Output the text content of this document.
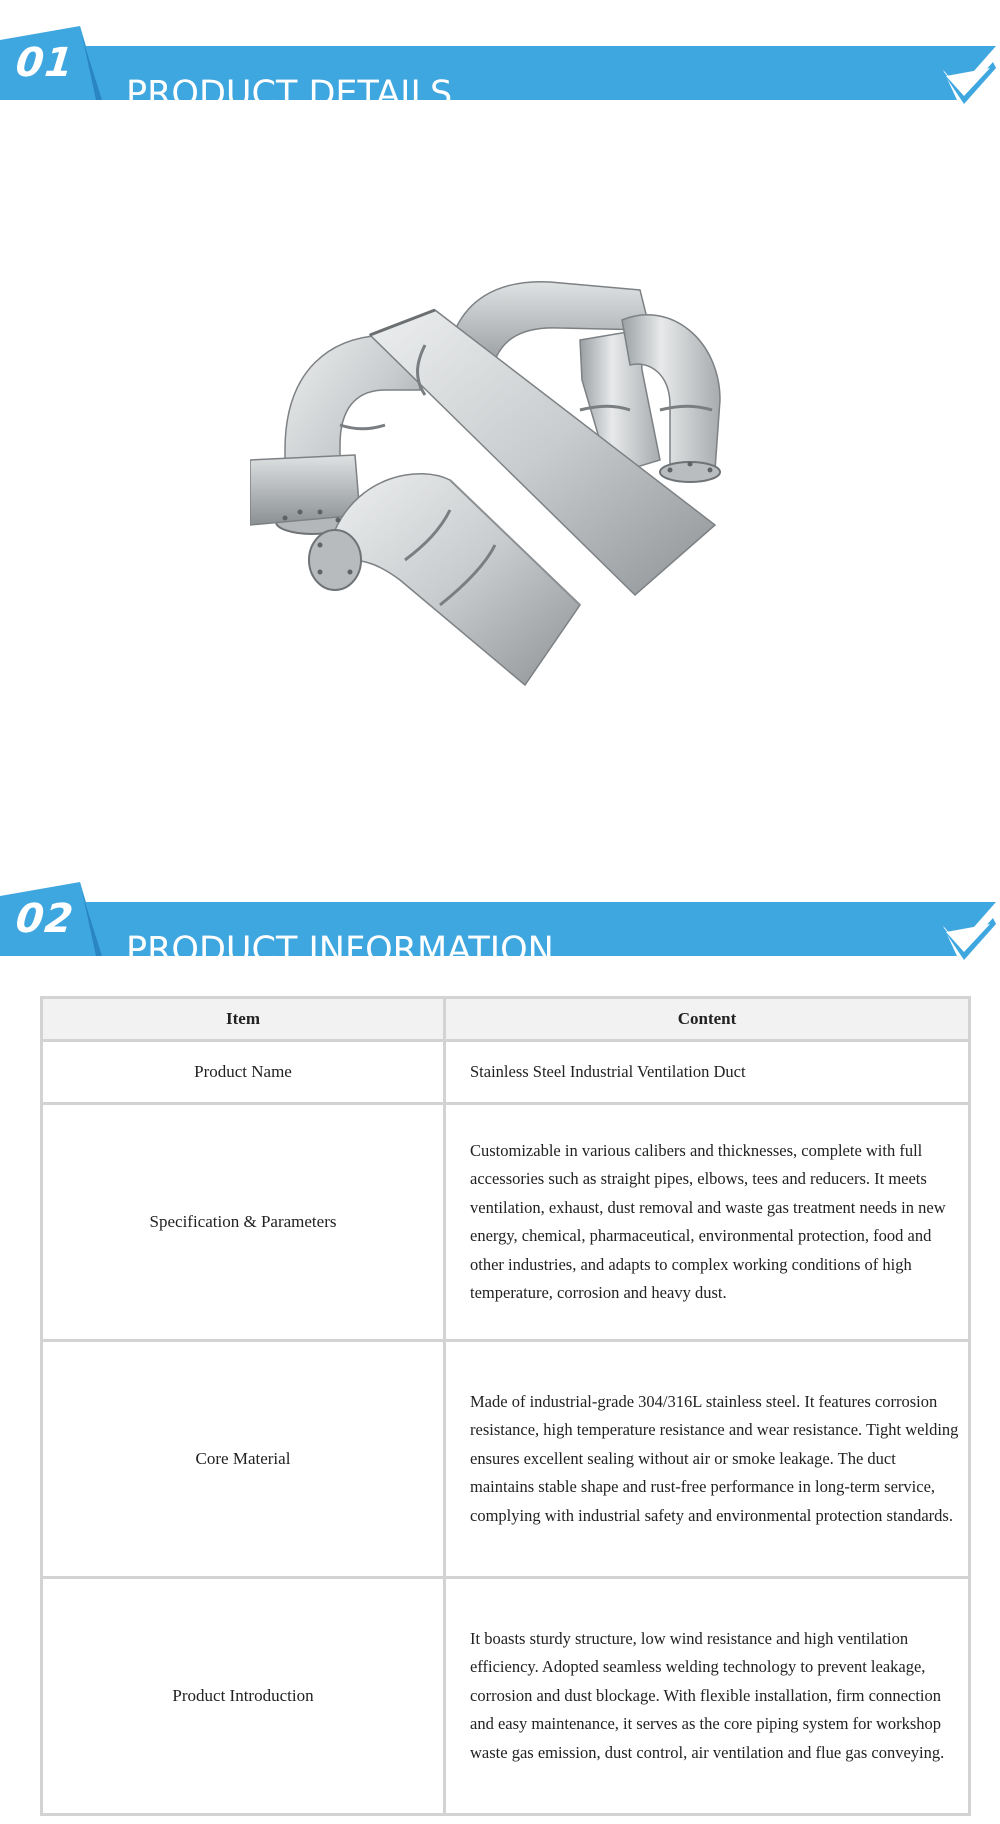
01
PRODUCT DETAILS
02
PRODUCT INFORMATION
Item	Content
Product Name	Stainless Steel Industrial Ventilation Duct
Specification & Parameters	Customizable in various calibers and thicknesses, complete with full accessories such as straight pipes, elbows, tees and reducers. It meets ventilation, exhaust, dust removal and waste gas treatment needs in new energy, chemical, pharmaceutical, environmental protection, food and other industries, and adapts to complex working conditions of high temperature, corrosion and heavy dust.
Core Material	Made of industrial-grade 304/316L stainless steel. It features corrosion resistance, high temperature resistance and wear resistance. Tight welding ensures excellent sealing without air or smoke leakage. The duct maintains stable shape and rust-free performance in long-term service, complying with industrial safety and environmental protection standards.
Product Introduction	It boasts sturdy structure, low wind resistance and high ventilation efficiency. Adopted seamless welding technology to prevent leakage, corrosion and dust blockage. With flexible installation, firm connection and easy maintenance, it serves as the core piping system for workshop waste gas emission, dust control, air ventilation and flue gas conveying.
